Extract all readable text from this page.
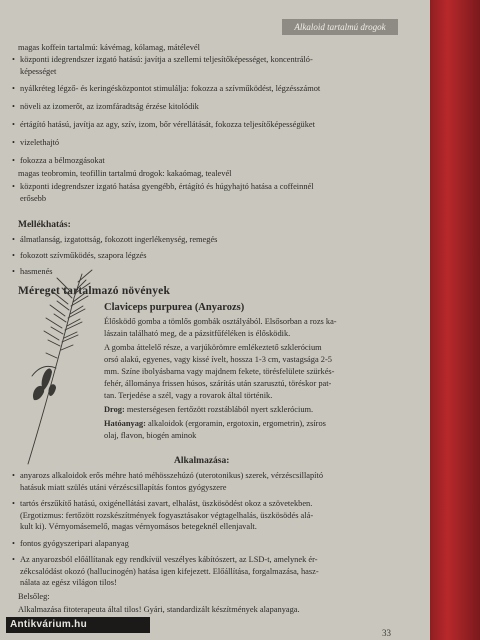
Alkaloid tartalmú drogok
magas koffein tartalmú: kávémag, kólamag, mátélevél
központi idegrendszer izgató hatású: javítja a szellemi teljesítőképességet, koncentráló-
képességet
nyálkréteg légző- és keringésközpontot stimulálja: fokozza a szívműködést, légzésszámot
növeli az izomerőt, az izomfáradtság érzése kitolódik
értágító hatású, javítja az agy, szív, izom, bőr vérellátását, fokozza teljesítőképességüket
vizelethajtó
fokozza a bélmozgásokat
magas teobromin, teofillin tartalmú drogok: kakaómag, tealevél
központi idegrendszer izgató hatása gyengébb, értágító és húgyhajtó hatása a coffeinnél
erősebb
Mellékhatás:
álmatlanság, izgatottság, fokozott ingerlékenység, remegés
fokozott szívműködés, szapora légzés
hasmenés
Méreget tartalmazó növények
Claviceps purpurea (Anyarozs)
Élősködő gomba a tömlős gombák osztályából. Elsősorban a rozs ka-
lászain található meg, de a pázsitfűféléken is élősködik.
A gomba áttelelő része, a varjúkörömre emlékeztető szklerócium
orsó alakú, egyenes, vagy kissé ívelt, hossza 1-3 cm, vastagsága 2-5
mm. Színe ibolyásbarna vagy majdnem fekete, törésfelülete szürkés-
fehér, állománya frissen húsos, szárítás után szarusztú, töréskor pat-
tan. Terjedése a szél, vagy a rovarok által történik.
Drog: mesterségesen fertőzött rozstáblából nyert szklerócium.
Hatóanyag: alkaloidok (ergoramin, ergotoxin, ergometrin), zsíros
olaj, flavon, biogén aminok
Alkalmazása:
anyarozs alkaloidok erős méhre ható méhösszehúzó (uterotonikus) szerek, vérzéscsillapító
hatásuk miatt szülés utáni vérzéscsillapítás fontos gyógyszere
tartós érszűkítő hatású, oxigénellátási zavart, elhalást, üszkösödést okoz a szövetekben.
(Ergotizmus: fertőzött rozskészítmények fogyasztásakor végtagelhalás, üszkösödés alá-
kult ki). Vérnyomásemelő, magas vérnyomásos betegeknél ellenjavalt.
fontos gyógyszeripari alapanyag
Az anyarozsból előállítanak egy rendkívül veszélyes kábítószert, az LSD-t, amelynek ér-
zékcsalódást okozó (hallucinogén) hatása igen kifejezett. Előállítása, forgalmazása, hasz-
nálata az egész világon tilos!
Belsőleg:
Alkalmazása fitoterapeuta által tilos! Gyári, standardizált készítmények alapanyaga.
33
Antikvárium.hu
